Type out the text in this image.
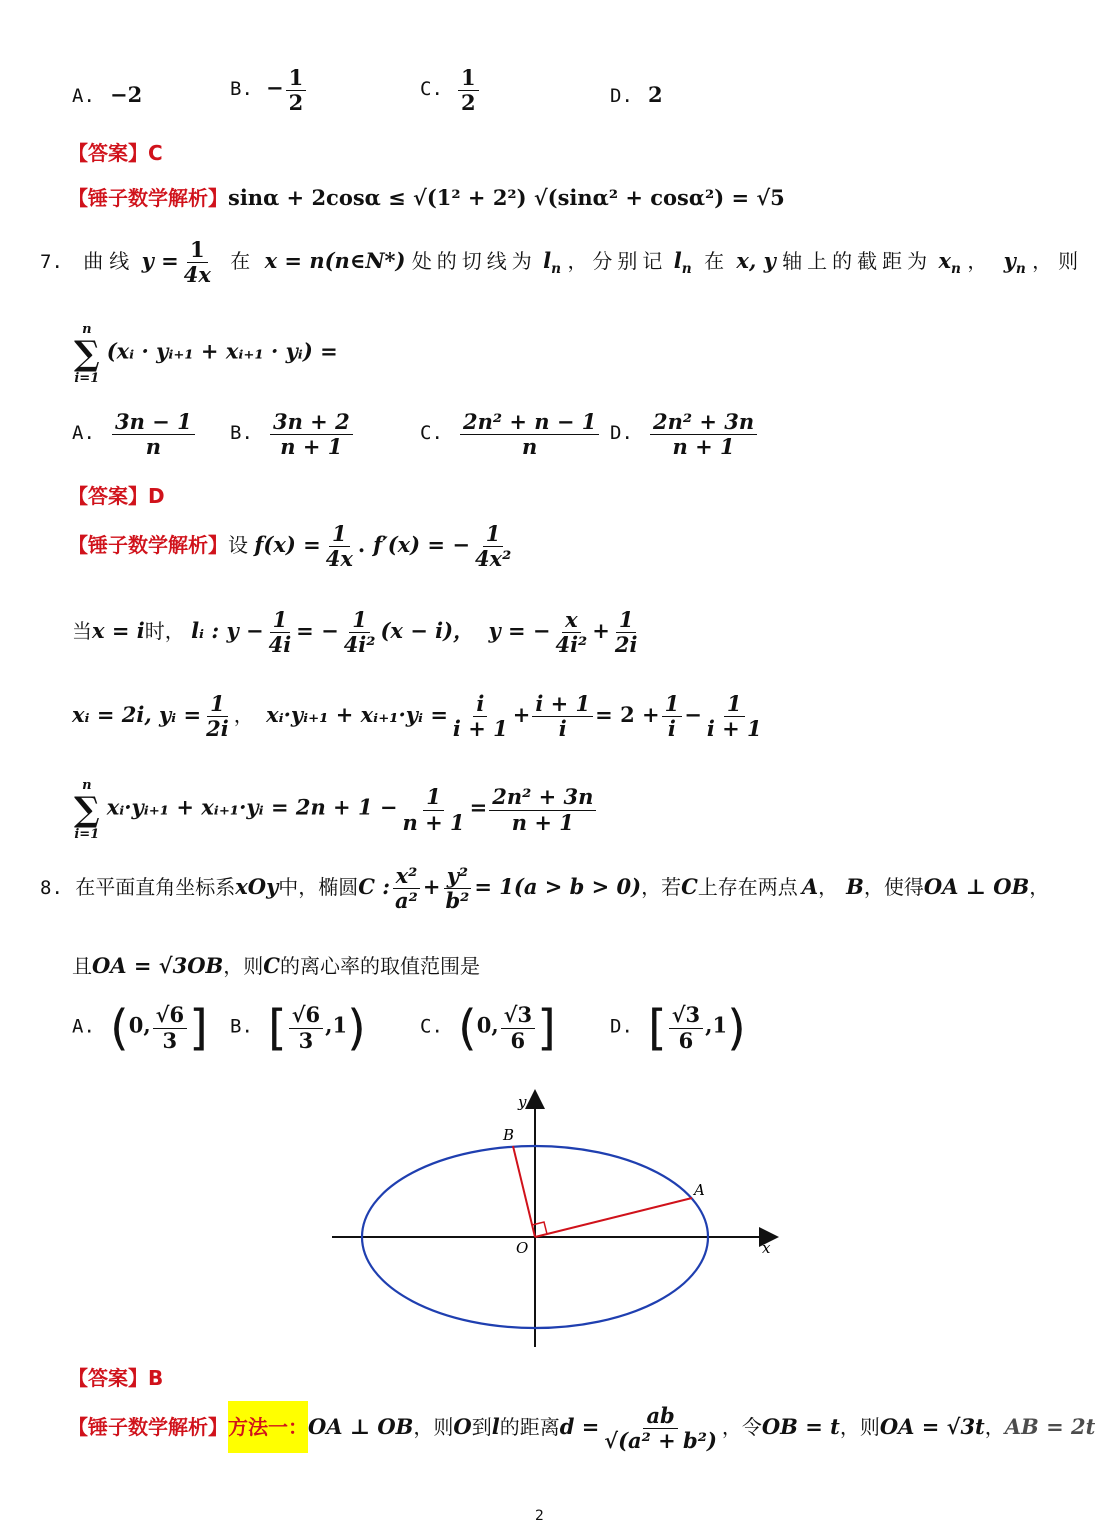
A. −2	B. − $\frac{1}{2}$	C. $\frac{1}{2}$	D. 2
【答案】C
【锤子数学解析】sinα + 2cosα ≤ √(1² + 2²) √(sinα² + cosα²) = √5
7. 曲线 $y = \frac{1}{4x}$ 在 x = n(n∈N*) 处的切线为 $l_n$ ，分别记 $l_n$ 在 x, y 轴上的截距为 $x_n$ ， $y_n$ ，则
n
∑
i=1
(xᵢ · yᵢ₊₁ + xᵢ₊₁ · yᵢ) =
A. $\frac{3n - 1}{n} B$. $\frac{3n + 2}{n + 1}$	C. $\frac{\text{2n² + n − 1}}{n} D$. $\frac{\text{2n² + 3n}}{n + 1}$
【答案】D
【锤子数学解析】设 $f(x) = \frac{1}{4x}$ . f′(x) = − $\frac{1}{\text{4x²}}$
当x = i时， lᵢ : $y - \frac{1}{4i}$ = − $\frac{1}{\text{4i²}} (x - i)$， y = − $\frac{x}{\text{4i²}} + \frac{1}{2i}$
xᵢ = 2i, yᵢ = $\frac{1}{2i}$ ， xᵢ·yᵢ₊₁ + xᵢ₊₁·yᵢ = $\frac{i}{i + 1} + \frac{i + 1}{i} = 2 + \frac{1}{i} - \frac{1}{i + 1}$
n
∑
i=1
xᵢ·yᵢ₊₁ + xᵢ₊₁·yᵢ = $2n + 1 - \frac{1}{n + 1} = \frac{\text{2n² + 3n}}{n + 1}$
8. 在平面直角坐标系xOy中，椭圆C : $\frac{\text{x²}}{\text{a²}} + \frac{\text{y²}}{\text{b²}} = 1(a > b > 0)$，若C上存在两点 A， B，使得OA ⊥ OB，
且OA = √3OB，则C的离心率的取值范围是
A. (0, $\frac{√6}{3}$ ] B. [ $\frac{√6}{3} ,1$)	C. (0, $\frac{√3}{6}$ ]	D. [ $\frac{√3}{6} ,1$)
y
x
O
A
B
【答案】B
【锤子数学解析】方法一：OA ⊥ OB，则O到l的距离$d = \frac{ab}{\text{√(a² + b²)}}$ ，令OB = t，则OA = √3t，AB = 2t
2
